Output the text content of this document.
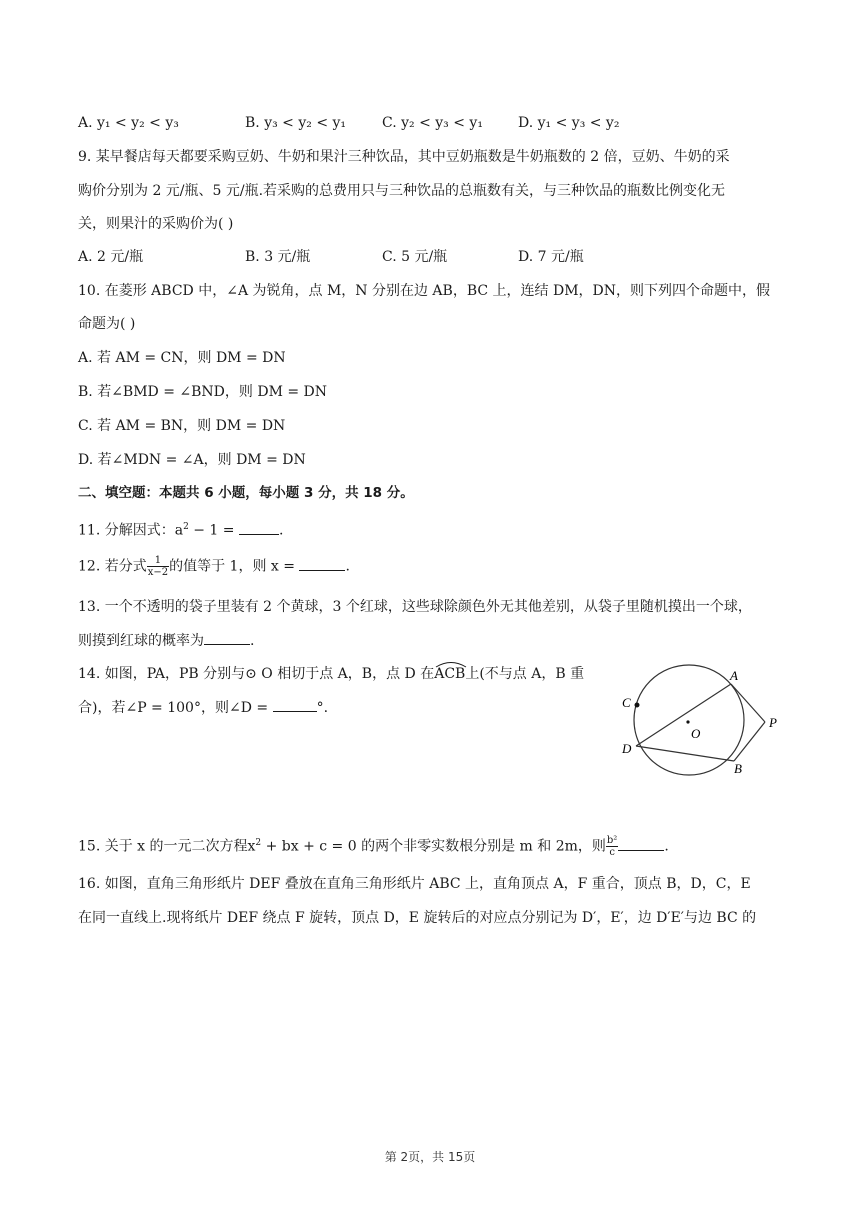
A. y₁ < y₂ < y₃	B. y₃ < y₂ < y₁	C. y₂ < y₃ < y₁	D. y₁ < y₃ < y₂
9. 某早餐店每天都要采购豆奶、牛奶和果汁三种饮品，其中豆奶瓶数是牛奶瓶数的 2 倍，豆奶、牛奶的采
购价分别为 2 元/瓶、5 元/瓶.若采购的总费用只与三种饮品的总瓶数有关，与三种饮品的瓶数比例变化无
关，则果汁的采购价为( )
A. 2 元/瓶	B. 3 元/瓶	C. 5 元/瓶	D. 7 元/瓶
10. 在菱形 ABCD 中，∠A 为锐角，点 M，N 分别在边 AB，BC 上，连结 DM，DN，则下列四个命题中，假
命题为( )
A. 若 AM = CN，则 DM = DN
B. 若∠BMD = ∠BND，则 DM = DN
C. 若 AM = BN，则 DM = DN
D. 若∠MDN = ∠A，则 DM = DN
二、填空题：本题共 6 小题，每小题 3 分，共 18 分。
11. 分解因式：$a^2 - 1$ =	.
12. 若分式 $\frac{1}{x-2}$ 的值等于 1，则 x =	.
13. 一个不透明的袋子里装有 2 个黄球，3 个红球，这些球除颜色外无其他差别，从袋子里随机摸出一个球，
则摸到红球的概率为	.
14. 如图，PA，PB 分别与⊙ O 相切于点 A，B，点 D 在
ACB上(不与点 A，B 重
合)，若∠P = 100°，则∠D =	°.
A
B
C
D
O
P
15. 关于 x 的一元二次方程$x^2$ + bx + c = 0 的两个非零实数根分别是 m 和 2m，则 $\frac{\text{b²}}{c}$	.
16. 如图，直角三角形纸片 DEF 叠放在直角三角形纸片 ABC 上，直角顶点 A，F 重合，顶点 B，D，C，E
在同一直线上.现将纸片 DEF 绕点 F 旋转，顶点 D，E 旋转后的对应点分别记为 D′，E′，边 D′E′与边 BC 的
第 2页，共 15页
